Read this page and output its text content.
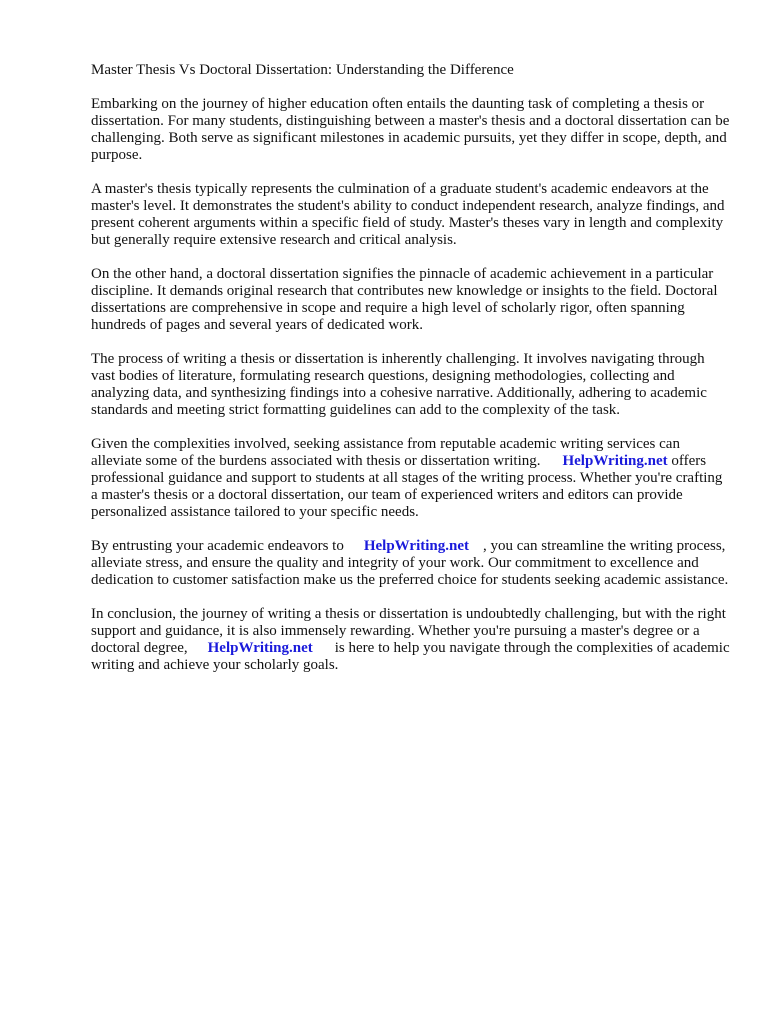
Master Thesis Vs Doctoral Dissertation: Understanding the Difference

Embarking on the journey of higher education often entails the daunting task of completing a thesis or dissertation. For many students, distinguishing between a master's thesis and a doctoral dissertation can be challenging. Both serve as significant milestones in academic pursuits, yet they differ in scope, depth, and purpose.

A master's thesis typically represents the culmination of a graduate student's academic endeavors at the master's level. It demonstrates the student's ability to conduct independent research, analyze findings, and present coherent arguments within a specific field of study. Master's theses vary in length and complexity but generally require extensive research and critical analysis.

On the other hand, a doctoral dissertation signifies the pinnacle of academic achievement in a particular discipline. It demands original research that contributes new knowledge or insights to the field. Doctoral dissertations are comprehensive in scope and require a high level of scholarly rigor, often spanning hundreds of pages and several years of dedicated work.

The process of writing a thesis or dissertation is inherently challenging. It involves navigating through vast bodies of literature, formulating research questions, designing methodologies, collecting and analyzing data, and synthesizing findings into a cohesive narrative. Additionally, adhering to academic standards and meeting strict formatting guidelines can add to the complexity of the task.

Given the complexities involved, seeking assistance from reputable academic writing services can alleviate some of the burdens associated with thesis or dissertation writing. HelpWriting.net offers professional guidance and support to students at all stages of the writing process. Whether you're crafting a master's thesis or a doctoral dissertation, our team of experienced writers and editors can provide personalized assistance tailored to your specific needs.

By entrusting your academic endeavors to HelpWriting.net , you can streamline the writing process, alleviate stress, and ensure the quality and integrity of your work. Our commitment to excellence and dedication to customer satisfaction make us the preferred choice for students seeking academic assistance.

In conclusion, the journey of writing a thesis or dissertation is undoubtedly challenging, but with the right support and guidance, it is also immensely rewarding. Whether you're pursuing a master's degree or a doctoral degree, HelpWriting.net is here to help you navigate through the complexities of academic writing and achieve your scholarly goals.
